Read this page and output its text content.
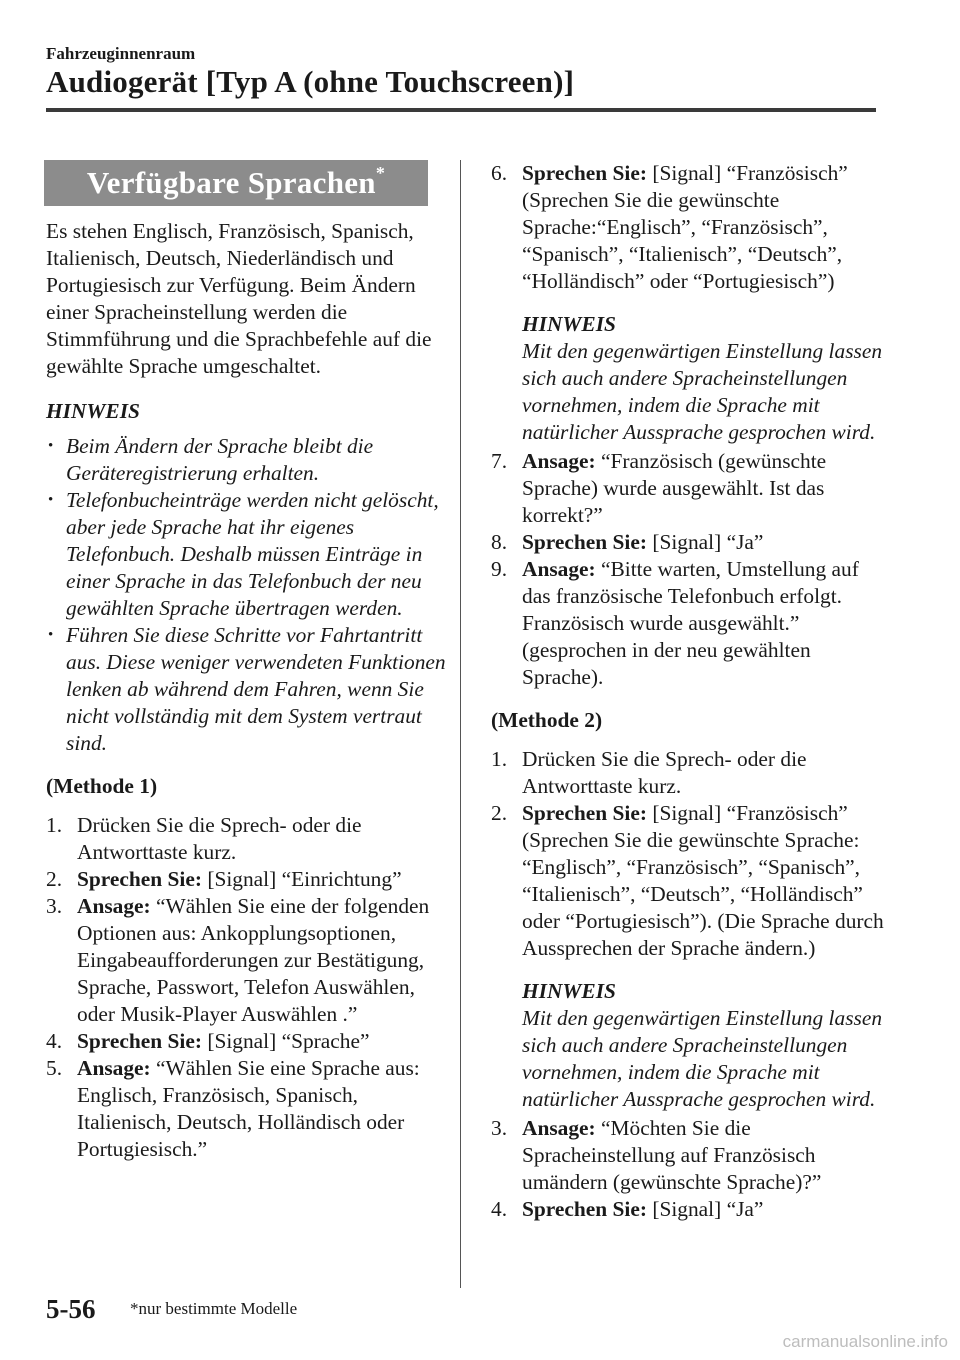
Fahrzeuginnenraum
Audiogerät [Typ A (ohne Touchscreen)]
Verfügbare Sprachen*

Es stehen Englisch, Französisch, Spanisch, Italienisch, Deutsch, Niederländisch und Portugiesisch zur Verfügung. Beim Ändern einer Spracheinstellung werden die Stimmführung und die Sprachbefehle auf die gewählte Sprache umgeschaltet.

HINWEIS

• Beim Ändern der Sprache bleibt die Geräteregistrierung erhalten.
• Telefonbucheinträge werden nicht gelöscht, aber jede Sprache hat ihr eigenes Telefonbuch. Deshalb müssen Einträge in einer Sprache in das Telefonbuch der neu gewählten Sprache übertragen werden.
• Führen Sie diese Schritte vor Fahrtantritt aus. Diese weniger verwendeten Funktionen lenken ab während dem Fahren, wenn Sie nicht vollständig mit dem System vertraut sind.

(Methode 1)

1. Drücken Sie die Sprech- oder die Antworttaste kurz.
2. Sprechen Sie: [Signal] “Einrichtung”
3. Ansage: “Wählen Sie eine der folgenden Optionen aus: Ankopplungsoptionen, Eingabeaufforderungen zur Bestätigung, Sprache, Passwort, Telefon Auswählen, oder Musik-Player Auswählen .”
4. Sprechen Sie: [Signal] “Sprache”
5. Ansage: “Wählen Sie eine Sprache aus: Englisch, Französisch, Spanisch, Italienisch, Deutsch, Holländisch oder Portugiesisch.”
6. Sprechen Sie: [Signal] “Französisch” (Sprechen Sie die gewünschte Sprache:“Englisch”, “Französisch”, “Spanisch”, “Italienisch”, “Deutsch”, “Holländisch” oder “Portugiesisch”)
HINWEIS
Mit den gegenwärtigen Einstellung lassen sich auch andere Spracheinstellungen vornehmen, indem die Sprache mit natürlicher Aussprache gesprochen wird.
7. Ansage: “Französisch (gewünschte Sprache) wurde ausgewählt. Ist das korrekt?”
8. Sprechen Sie: [Signal] “Ja”
9. Ansage: “Bitte warten, Umstellung auf das französische Telefonbuch erfolgt. Französisch wurde ausgewählt.” (gesprochen in der neu gewählten Sprache).

(Methode 2)

1. Drücken Sie die Sprech- oder die Antworttaste kurz.
2. Sprechen Sie: [Signal] “Französisch” (Sprechen Sie die gewünschte Sprache: “Englisch”, “Französisch”, “Spanisch”, “Italienisch”, “Deutsch”, “Holländisch” oder “Portugiesisch”). (Die Sprache durch Aussprechen der Sprache ändern.)
HINWEIS
Mit den gegenwärtigen Einstellung lassen sich auch andere Spracheinstellungen vornehmen, indem die Sprache mit natürlicher Aussprache gesprochen wird.
3. Ansage: “Möchten Sie die Spracheinstellung auf Französisch umändern (gewünschte Sprache)?”
4. Sprechen Sie: [Signal] “Ja”
5-56 *nur bestimmte Modelle
carmanualsonline.info
